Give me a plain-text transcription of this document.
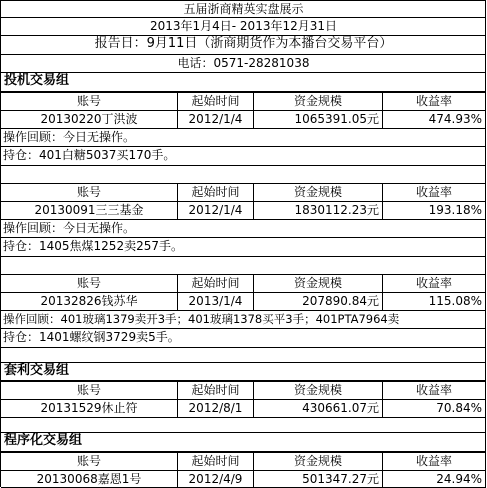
五届浙商精英实盘展示
2013年1月4日- 2013年12月31日
报告日：9月11日（浙商期货作为本播台交易平台）
电话：0571-28281038
投机交易组
账号	起始时间	资金规模	收益率
20130220丁洪波	2012/1/4	1065391.05元	474.93%
操作回顾：今日无操作。
持仓：401白糖5037买170手。
账号	起始时间	资金规模	收益率
20130091三三基金	2012/1/4	1830112.23元	193.18%
操作回顾：今日无操作。
持仓：1405焦煤1252卖257手。
账号	起始时间	资金规模	收益率
20132826钱苏华	2013/1/4	207890.84元	115.08%
操作回顾：401玻璃1379卖开3手；401玻璃1378买平3手；401PTA7964卖
持仓：1401螺纹钢3729卖5手。
套利交易组
账号	起始时间	资金规模	收益率
20131529休止符	2012/8/1	430661.07元	70.84%
程序化交易组
账号	起始时间	资金规模	收益率
20130068嘉恩1号	2012/4/9	501347.27元	24.94%
